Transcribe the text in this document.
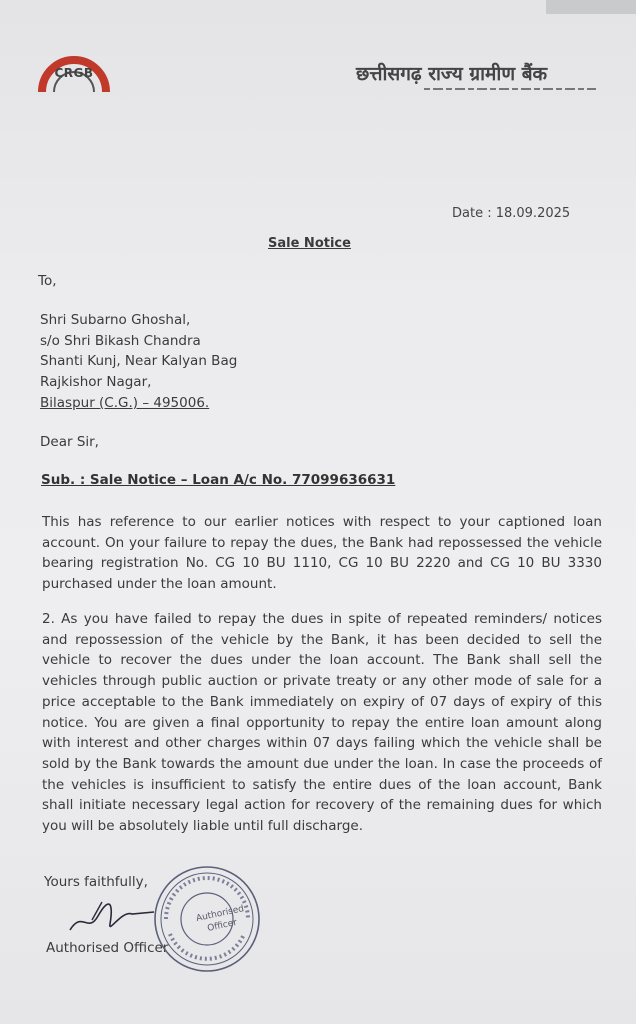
CRGB	छत्तीसगढ़ राज्य ग्रामीण बैंक
Date : 18.09.2025
Sale Notice
To,
Shri Subarno Ghoshal,
s/o Shri Bikash Chandra
Shanti Kunj, Near Kalyan Bag
Rajkishor Nagar,
Bilaspur (C.G.) – 495006.
Dear Sir,
Sub. : Sale Notice – Loan A/c No. 77099636631
This has reference to our earlier notices with respect to your captioned loan account. On your failure to repay the dues, the Bank had repossessed the vehicle bearing registration No. CG 10 BU 1110, CG 10 BU 2220 and CG 10 BU 3330 purchased under the loan amount.
2. As you have failed to repay the dues in spite of repeated reminders/ notices and repossession of the vehicle by the Bank, it has been decided to sell the vehicle to recover the dues under the loan account. The Bank shall sell the vehicles through public auction or private treaty or any other mode of sale for a price acceptable to the Bank immediately on expiry of 07 days of expiry of this notice. You are given a final opportunity to repay the entire loan amount along with interest and other charges within 07 days failing which the vehicle shall be sold by the Bank towards the amount due under the loan. In case the proceeds of the vehicles is insufficient to satisfy the entire dues of the loan account, Bank shall initiate necessary legal action for recovery of the remaining dues for which you will be absolutely liable until full discharge.
Yours faithfully,
Authorised Officer
Authorised Officer
